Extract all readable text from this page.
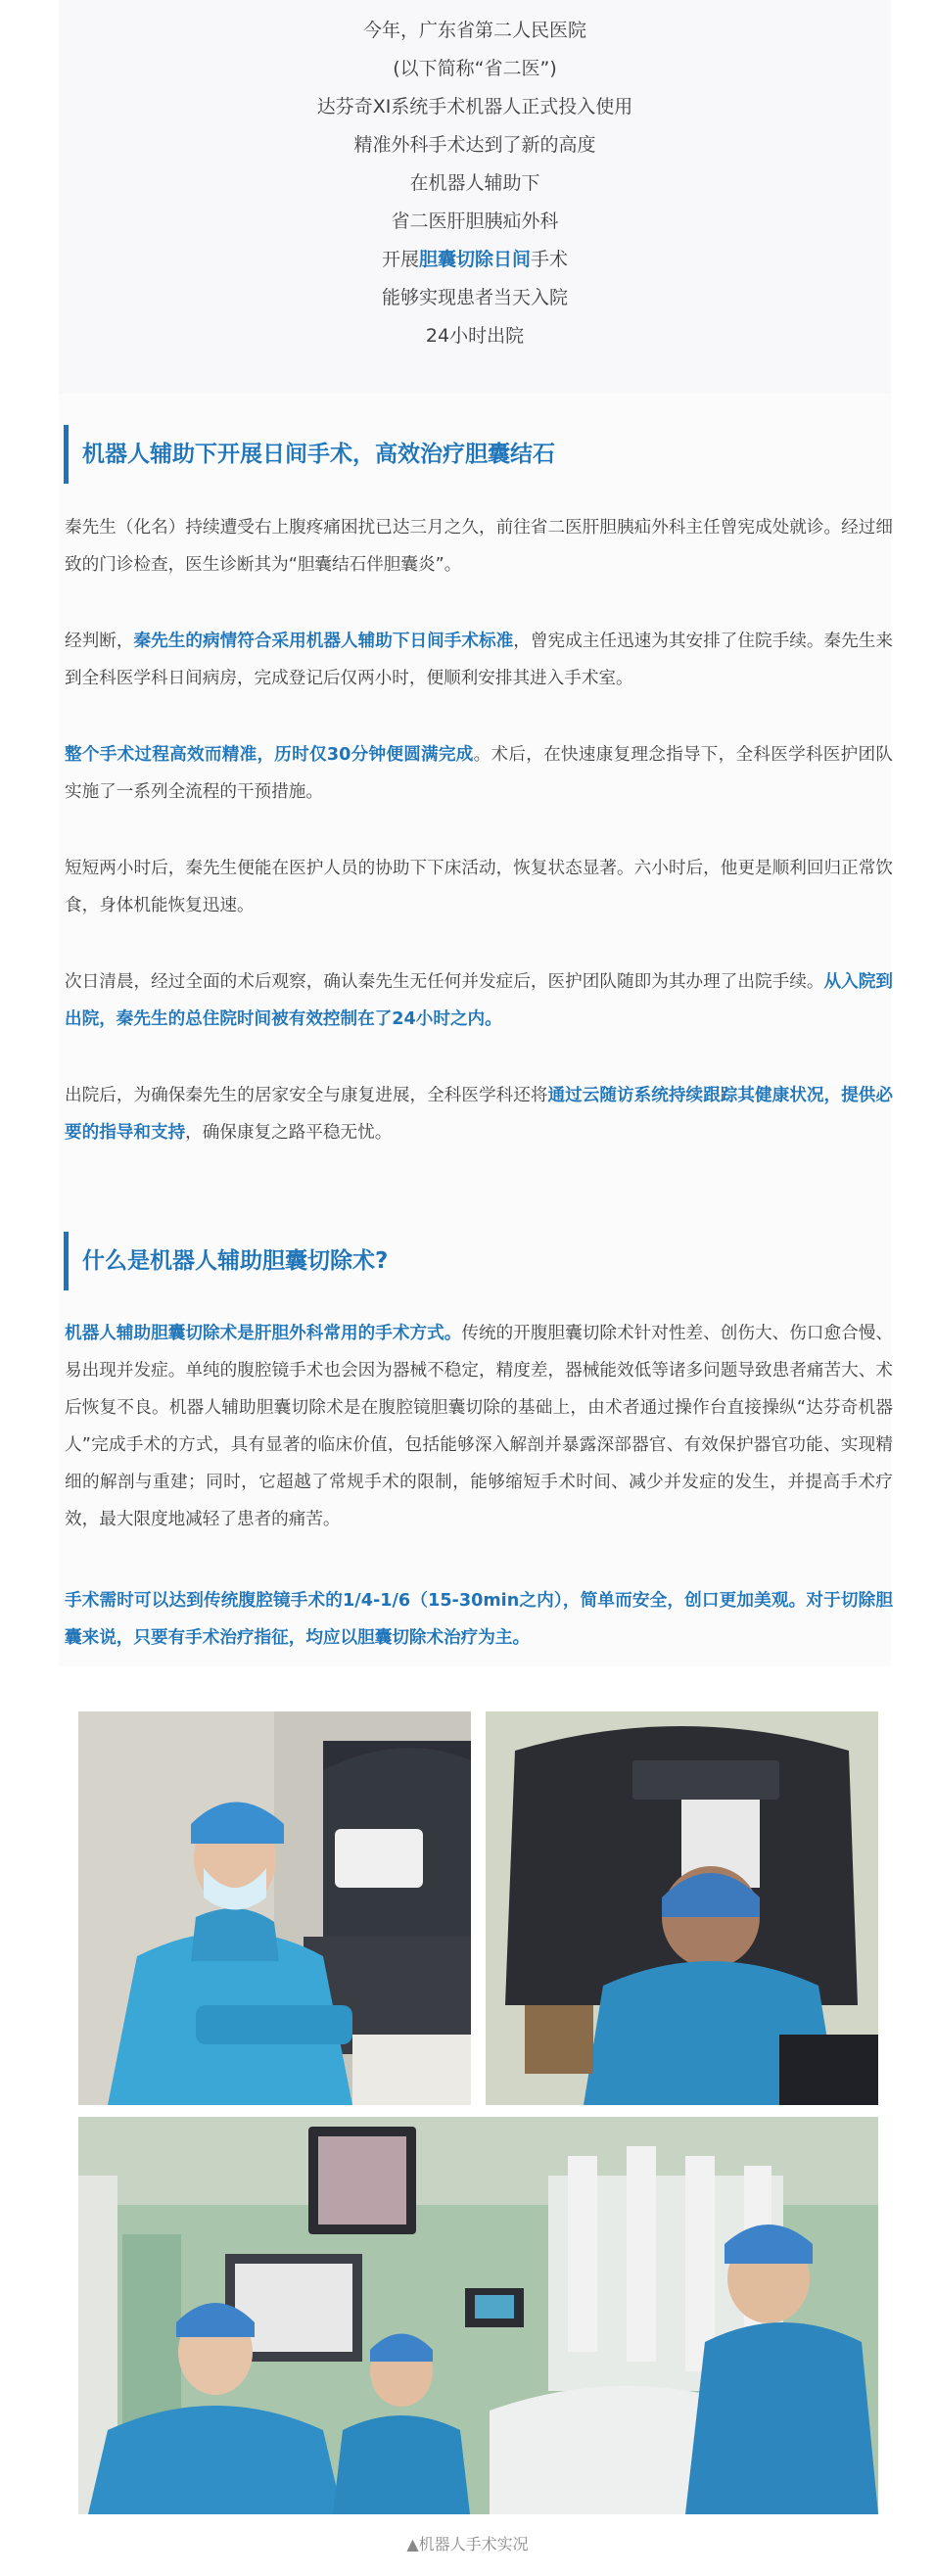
今年，广东省第二人民医院

(以下简称“省二医”)

达芬奇XI系统手术机器人正式投入使用

精准外科手术达到了新的高度

在机器人辅助下

省二医肝胆胰疝外科

开展胆囊切除日间手术

能够实现患者当天入院

24小时出院

机器人辅助下开展日间手术，高效治疗胆囊结石

秦先生（化名）持续遭受右上腹疼痛困扰已达三月之久，前往省二医肝胆胰疝外科主任曾宪成处就诊。经过细致的门诊检查，医生诊断其为“胆囊结石伴胆囊炎”。

经判断，秦先生的病情符合采用机器人辅助下日间手术标准，曾宪成主任迅速为其安排了住院手续。秦先生来到全科医学科日间病房，完成登记后仅两小时，便顺利安排其进入手术室。

整个手术过程高效而精准，历时仅30分钟便圆满完成。术后，在快速康复理念指导下，全科医学科医护团队实施了一系列全流程的干预措施。

短短两小时后，秦先生便能在医护人员的协助下下床活动，恢复状态显著。六小时后，他更是顺利回归正常饮食，身体机能恢复迅速。

次日清晨，经过全面的术后观察，确认秦先生无任何并发症后，医护团队随即为其办理了出院手续。从入院到出院，秦先生的总住院时间被有效控制在了24小时之内。

出院后，为确保秦先生的居家安全与康复进展，全科医学科还将通过云随访系统持续跟踪其健康状况，提供必要的指导和支持，确保康复之路平稳无忧。

什么是机器人辅助胆囊切除术?

机器人辅助胆囊切除术是肝胆外科常用的手术方式。传统的开腹胆囊切除术针对性差、创伤大、伤口愈合慢、易出现并发症。单纯的腹腔镜手术也会因为器械不稳定，精度差，器械能效低等诸多问题导致患者痛苦大、术后恢复不良。机器人辅助胆囊切除术是在腹腔镜胆囊切除的基础上，由术者通过操作台直接操纵“达芬奇机器人”完成手术的方式，具有显著的临床价值，包括能够深入解剖并暴露深部器官、有效保护器官功能、实现精细的解剖与重建；同时，它超越了常规手术的限制，能够缩短手术时间、减少并发症的发生，并提高手术疗效，最大限度地减轻了患者的痛苦。

手术需时可以达到传统腹腔镜手术的1/4-1/6（15-30min之内），简单而安全，创口更加美观。对于切除胆囊来说，只要有手术治疗指征，均应以胆囊切除术治疗为主。

▲机器人手术实况
